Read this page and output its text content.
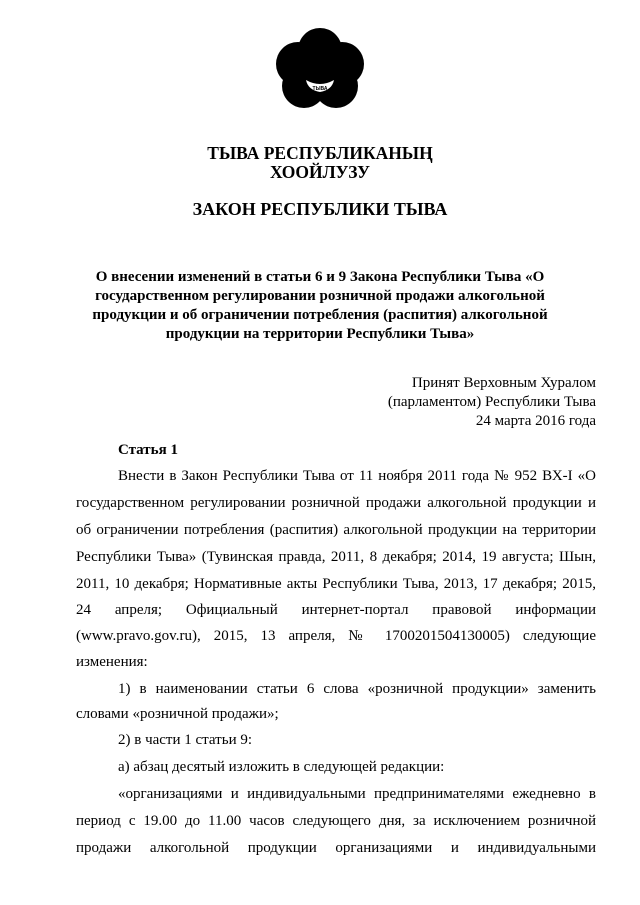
ТЫВА
ТЫВА РЕСПУБЛИКАНЫҢ
ХООЙЛУЗУ
ЗАКОН РЕСПУБЛИКИ ТЫВА
О внесении изменений в статьи 6 и 9 Закона Республики Тыва «О
государственном регулировании розничной продажи алкогольной
продукции и об ограничении потребления (распития) алкогольной
продукции на территории Республики Тыва»
Принят Верховным Хуралом
(парламентом) Республики Тыва
24 марта 2016 года
Статья 1
Внести в Закон Республики Тыва от 11 ноября 2011 года № 952 ВХ-I «О
государственном регулировании розничной продажи алкогольной продукции и
об ограничении потребления (распития) алкогольной продукции на территории
Республики Тыва» (Тувинская правда, 2011, 8 декабря; 2014, 19 августа; Шын,
2011, 10 декабря; Нормативные акты Республики Тыва, 2013, 17 декабря; 2015,
24 апреля; Официальный интернет-портал правовой информации
(www.pravo.gov.ru), 2015, 13 апреля, № 1700201504130005) следующие
изменения:
1) в наименовании статьи 6 слова «розничной продукции» заменить
словами «розничной продажи»;
2) в части 1 статьи 9:
а) абзац десятый изложить в следующей редакции:
«организациями и индивидуальными предпринимателями ежедневно в
период с 19.00 до 11.00 часов следующего дня, за исключением розничной
продажи алкогольной продукции организациями и индивидуальными
